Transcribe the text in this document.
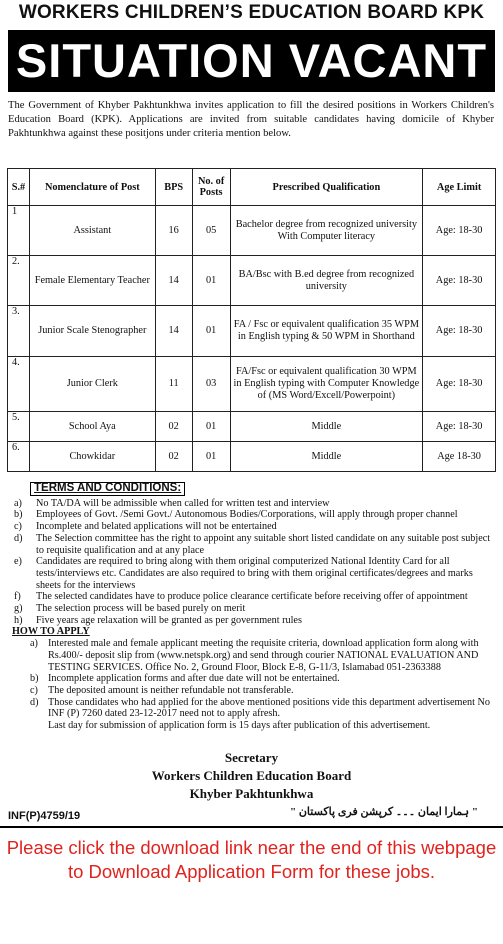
WORKERS CHILDREN’S EDUCATION BOARD KPK
SITUATION VACANT
The Government of Khyber Pakhtunkhwa invites application to fill the desired positions in Workers Children's Education Board (KPK). Applications are invited from suitable candidates having domicile of Khyber Pakhtunkhwa against these positjons under criteria mention below.
S.#	Nomenclature of Post	BPS	No. of Posts	Prescribed Qualification	Age Limit
1	Assistant	16	05	Bachelor degree from recognized university With Computer literacy	Age: 18-30
2.	Female Elementary Teacher	14	01	BA/Bsc with B.ed degree from recognized university	Age: 18-30
3.	Junior Scale Stenographer	14	01	FA / Fsc or equivalent qualification 35 WPM in English typing & 50 WPM in Shorthand	Age: 18-30
4.	Junior Clerk	11	03	FA/Fsc or equivalent qualification 30 WPM in English typing with Computer Knowledge of (MS Word/Excell/Powerpoint)	Age: 18-30
5.	School Aya	02	01	Middle	Age: 18-30
6.	Chowkidar	02	01	Middle	Age 18-30
TERMS AND CONDITIONS:
a) No TA/DA will be admissible when called for written test and interview
b) Employees of Govt. /Semi Govt./ Autonomous Bodies/Corporations, will apply through proper channel
c) Incomplete and belated applications will not be entertained
d) The Selection committee has the right to appoint any suitable short listed candidate on any suitable post subject to requisite qualification and at any place
e) Candidates are required to bring along with them original computerized National Identity Card for all tests/interviews etc. Candidates are also required to bring with them original certificates/degrees and marks sheets for the interviews
f) The selected candidates have to produce police clearance certificate before receiving offer of appointment
g) The selection process will be based purely on merit
h) Five years age relaxation will be granted as per government rules
HOW TO APPLY
a) Interested male and female applicant meeting the requisite criteria, download application form along with Rs.400/- deposit slip from (www.netspk.org) and send through courier NATIONAL EVALUATION AND TESTING SERVICES. Office No. 2, Ground Floor, Block E-8, G-11/3, Islamabad 051-2363388
b) Incomplete application forms and after due date will not be entertained.
c) The deposited amount is neither refundable not transferable.
d) Those candidates who had applied for the above mentioned positions vide this department advertisement No INF (P) 7260 dated 23-12-2017 need not to apply afresh.
Last day for submission of application form is 15 days after publication of this advertisement.
Secretary
Workers Children Education Board
Khyber Pakhtunkhwa
INF(P)4759/19	" ہمارا ایمان ۔۔۔ کرپشن فری پاکستان "
Please click the download link near the end of this webpage to Download Application Form for these jobs.
